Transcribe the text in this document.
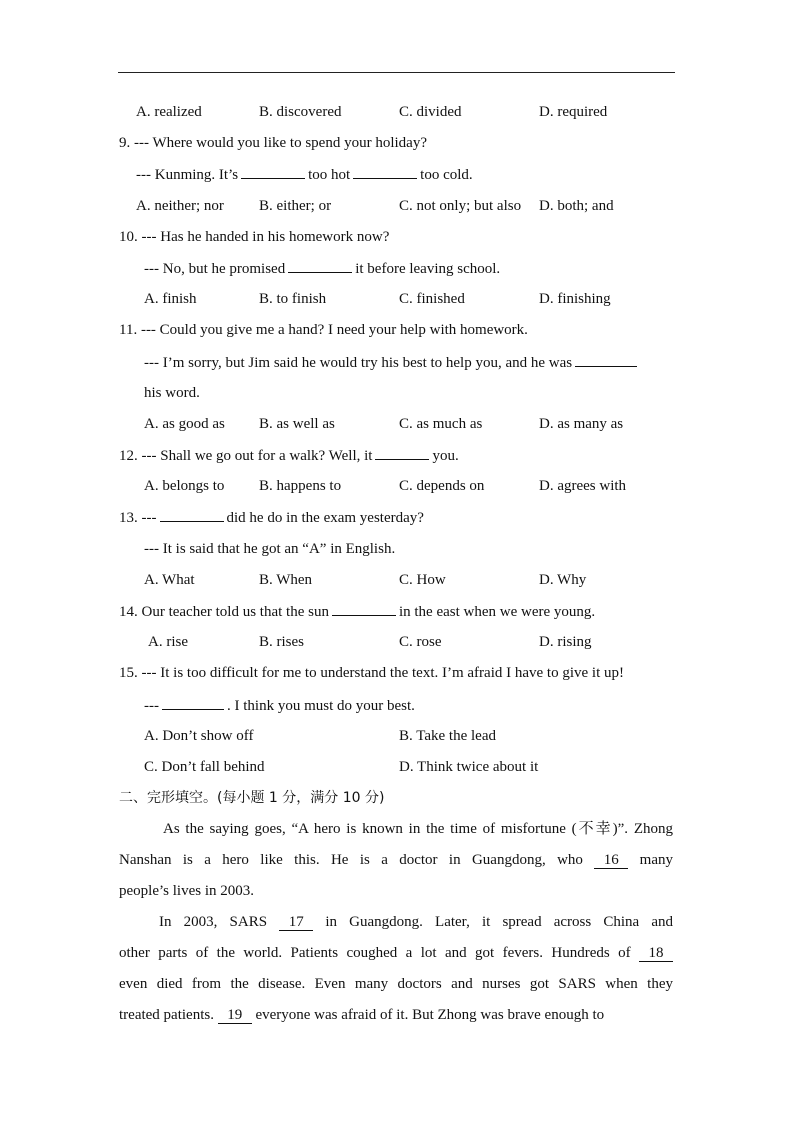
A. realized	B. discovered	C. divided	D. required
9. --- Where would you like to spend your holiday?
--- Kunming. It’s	too hot	too cold.
A. neither; nor B. either; or	C. not only; but also D. both; and
10. --- Has he handed in his homework now?
--- No, but he promised	it before leaving school.
A. finish	B. to finish	C. finished	D. finishing
11. --- Could you give me a hand? I need your help with homework.
--- I’m sorry, but Jim said he would try his best to help you, and he was
his word.
A. as good as B. as well as	C. as much as	D. as many as
12. --- Shall we go out for a walk? Well, it	you.
A. belongs to B. happens to	C. depends on	D. agrees with
13. ---	did he do in the exam yesterday?
--- It is said that he got an “A” in English.
A. What	B. When	C. How	D. Why
14. Our teacher told us that the sun	in the east when we were young.
A. rise	B. rises	C. rose	D. rising
15. --- It is too difficult for me to understand the text. I’m afraid I have to give it up!
---	. I think you must do your best.
A. Don’t show off	B. Take the lead
C. Don’t fall behind	D. Think twice about it
二、完形填空。(每小题 1 分，满分 10 分)
As the saying goes, “A hero is known in the time of misfortune (不幸)”. Zhong
Nanshan is a hero like this. He is a doctor in Guangdong, who  16  many
people’s lives in 2003.
In 2003, SARS  17  in Guangdong. Later, it spread across China and
other parts of the world. Patients coughed a lot and got fevers. Hundreds of  18 
even died from the disease. Even many doctors and nurses got SARS when they
treated patients.  19  everyone was afraid of it. But Zhong was brave enough to
